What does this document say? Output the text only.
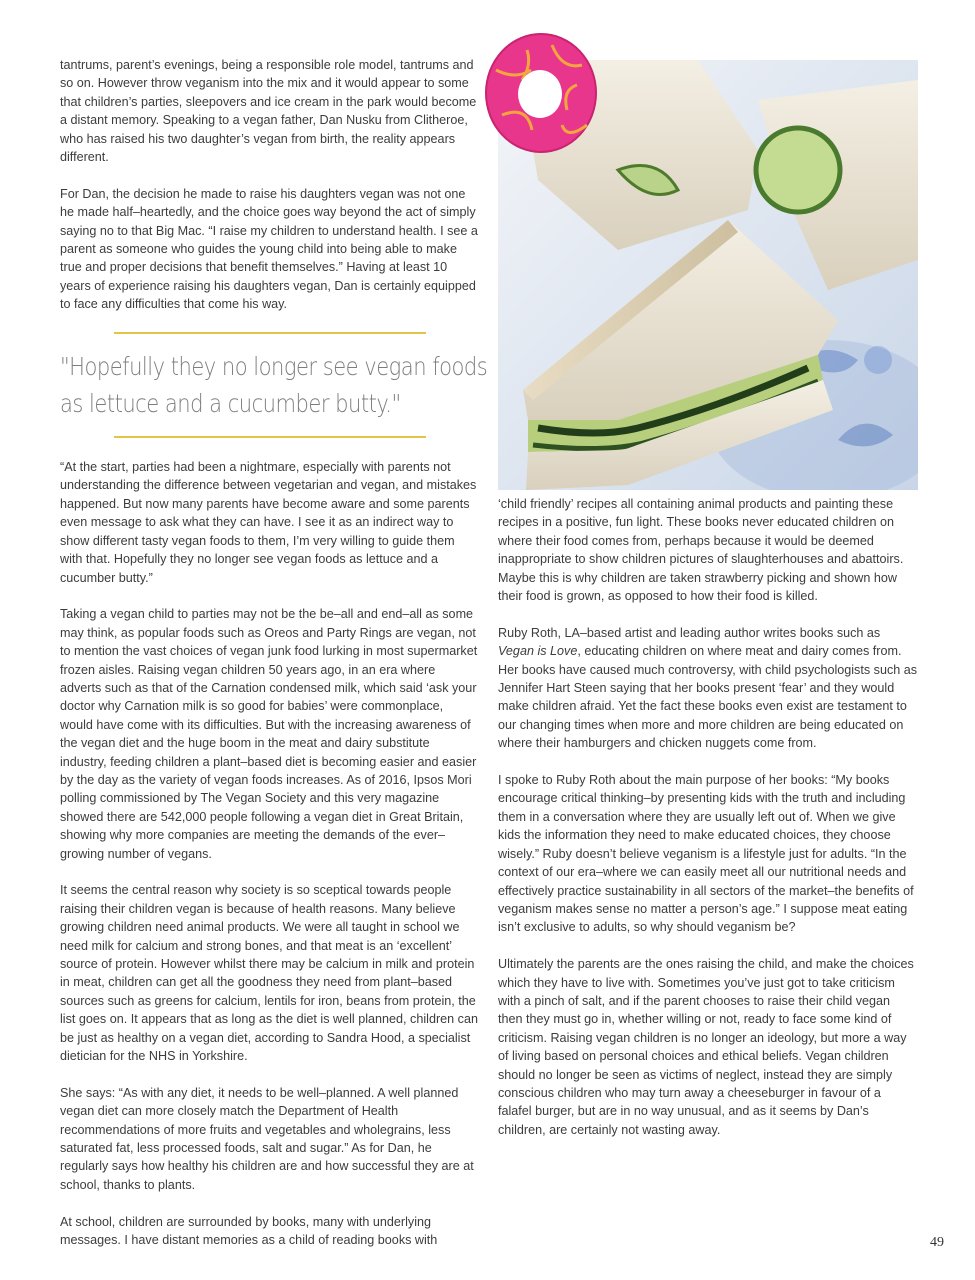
tantrums, parent’s evenings, being a responsible role model, tantrums and so on. However throw veganism into the mix and it would appear to some that children’s parties, sleepovers and ice cream in the park would become a distant memory. Speaking to a vegan father, Dan Nusku from Clitheroe, who has raised his two daughter’s vegan from birth, the reality appears different.

For Dan, the decision he made to raise his daughters vegan was not one he made half–heartedly, and the choice goes way beyond the act of simply saying no to that Big Mac. “I raise my children to understand health. I see a parent as someone who guides the young child into being able to make true and proper decisions that benefit themselves.” Having at least 10 years of experience raising his daughters vegan, Dan is certainly equipped to face any difficulties that come his way.

"Hopefully they no longer see vegan foods as lettuce and a cucumber butty."

“At the start, parties had been a nightmare, especially with parents not understanding the difference between vegetarian and vegan, and mistakes happened. But now many parents have become aware and some parents even message to ask what they can have. I see it as an indirect way to show different tasty vegan foods to them, I’m very willing to guide them with that. Hopefully they no longer see vegan foods as lettuce and a cucumber butty.”

Taking a vegan child to parties may not be the be–all and end–all as some may think, as popular foods such as Oreos and Party Rings are vegan, not to mention the vast choices of vegan junk food lurking in most supermarket frozen aisles. Raising vegan children 50 years ago, in an era where adverts such as that of the Carnation condensed milk, which said ‘ask your doctor why Carnation milk is so good for babies’ were commonplace, would have come with its difficulties. But with the increasing awareness of the vegan diet and the huge boom in the meat and dairy substitute industry, feeding children a plant–based diet is becoming easier and easier by the day as the variety of vegan foods increases. As of 2016, Ipsos Mori polling commissioned by The Vegan Society and this very magazine showed there are 542,000 people following a vegan diet in Great Britain, showing why more companies are meeting the demands of the ever–growing number of vegans.

It seems the central reason why society is so sceptical towards people raising their children vegan is because of health reasons. Many believe growing children need animal products. We were all taught in school we need milk for calcium and strong bones, and that meat is an ‘excellent’ source of protein. However whilst there may be calcium in milk and protein in meat, children can get all the goodness they need from plant–based sources such as greens for calcium, lentils for iron, beans from protein, the list goes on. It appears that as long as the diet is well planned, children can be just as healthy on a vegan diet, according to Sandra Hood, a specialist dietician for the NHS in Yorkshire.

She says: “As with any diet, it needs to be well–planned. A well planned vegan diet can more closely match the Department of Health recommendations of more fruits and vegetables and wholegrains, less saturated fat, less processed foods, salt and sugar.” As for Dan, he regularly says how healthy his children are and how successful they are at school, thanks to plants.

At school, children are surrounded by books, many with underlying messages. I have distant memories as a child of reading books with

‘child friendly’ recipes all containing animal products and painting these recipes in a positive, fun light. These books never educated children on where their food comes from, perhaps because it would be deemed inappropriate to show children pictures of slaughterhouses and abattoirs. Maybe this is why children are taken strawberry picking and shown how their food is grown, as opposed to how their food is killed.

Ruby Roth, LA–based artist and leading author writes books such as Vegan is Love, educating children on where meat and dairy comes from. Her books have caused much controversy, with child psychologists such as Jennifer Hart Steen saying that her books present ‘fear’ and they would make children afraid. Yet the fact these books even exist are testament to our changing times when more and more children are being educated on where their hamburgers and chicken nuggets come from.

I spoke to Ruby Roth about the main purpose of her books: “My books encourage critical thinking–by presenting kids with the truth and including them in a conversation where they are usually left out of. When we give kids the information they need to make educated choices, they choose wisely.” Ruby doesn’t believe veganism is a lifestyle just for adults. “In the context of our era–where we can easily meet all our nutritional needs and effectively practice sustainability in all sectors of the market–the benefits of veganism makes sense no matter a person’s age.” I suppose meat eating isn’t exclusive to adults, so why should veganism be?

Ultimately the parents are the ones raising the child, and make the choices which they have to live with. Sometimes you’ve just got to take criticism with a pinch of salt, and if the parent chooses to raise their child vegan then they must go in, whether willing or not, ready to face some kind of criticism. Raising vegan children is no longer an ideology, but more a way of living based on personal choices and ethical beliefs. Vegan children should no longer be seen as victims of neglect, instead they are simply conscious children who may turn away a cheeseburger in favour of a falafel burger, but are in no way unusual, and as it seems by Dan’s children, are certainly not wasting away.

49
